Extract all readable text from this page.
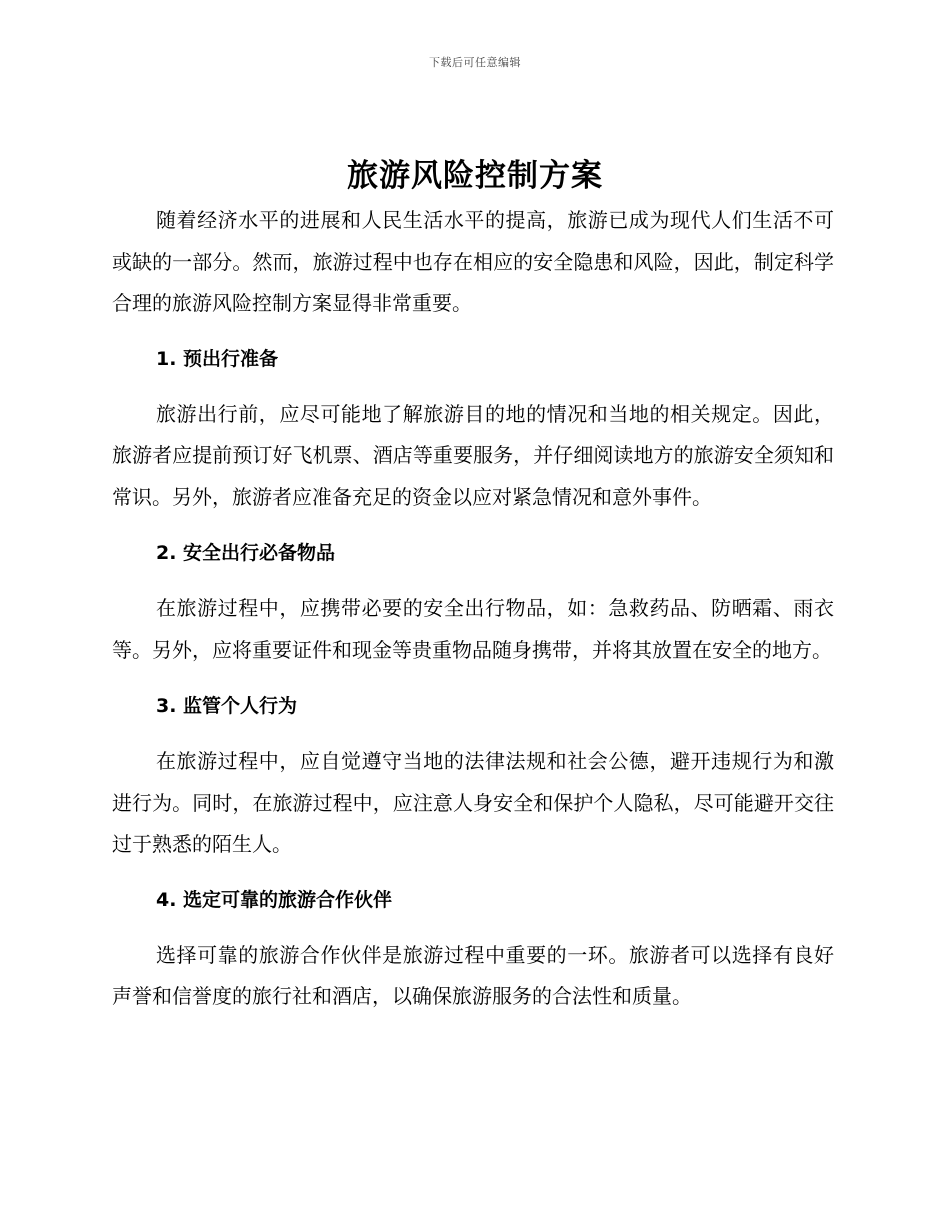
下载后可任意编辑
旅游风险控制方案

随着经济水平的进展和人民生活水平的提高，旅游已成为现代人们生活不可或缺的一部分。然而，旅游过程中也存在相应的安全隐患和风险，因此，制定科学合理的旅游风险控制方案显得非常重要。

1. 预出行准备

旅游出行前，应尽可能地了解旅游目的地的情况和当地的相关规定。因此，旅游者应提前预订好飞机票、酒店等重要服务，并仔细阅读地方的旅游安全须知和常识。另外，旅游者应准备充足的资金以应对紧急情况和意外事件。

2. 安全出行必备物品

在旅游过程中，应携带必要的安全出行物品，如：急救药品、防晒霜、雨衣等。另外，应将重要证件和现金等贵重物品随身携带，并将其放置在安全的地方。

3. 监管个人行为

在旅游过程中，应自觉遵守当地的法律法规和社会公德，避开违规行为和激进行为。同时，在旅游过程中，应注意人身安全和保护个人隐私，尽可能避开交往过于熟悉的陌生人。

4. 选定可靠的旅游合作伙伴

选择可靠的旅游合作伙伴是旅游过程中重要的一环。旅游者可以选择有良好声誉和信誉度的旅行社和酒店，以确保旅游服务的合法性和质量。
